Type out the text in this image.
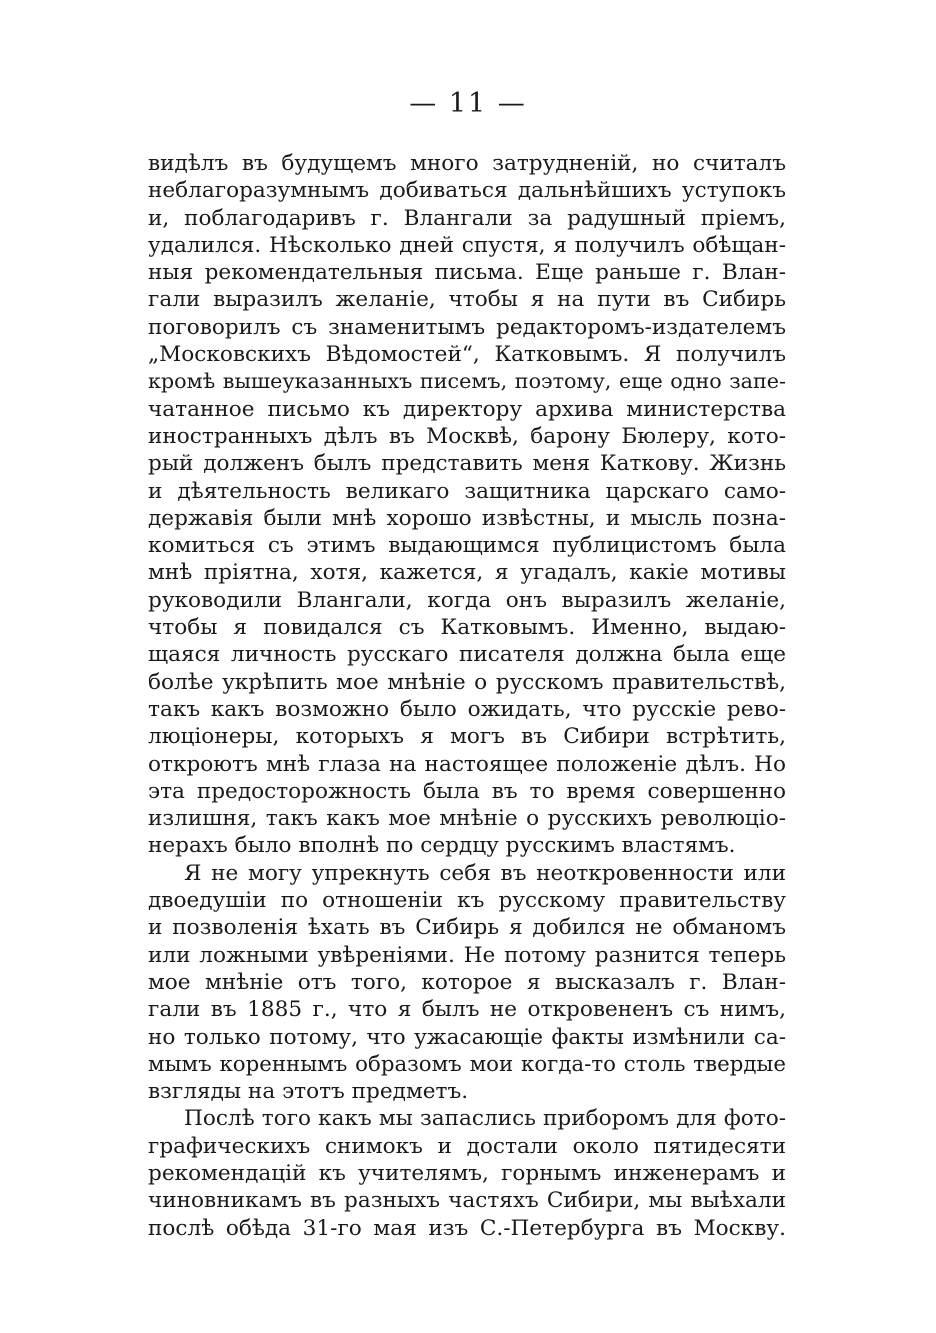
— 11 —
видѣлъ въ будущемъ много затрудненій, но считалъ
неблагоразумнымъ добиваться дальнѣйшихъ уступокъ
и, поблагодаривъ г. Влангали за радушный пріемъ,
удалился. Нѣсколько дней спустя, я получилъ обѣщан-
ныя рекомендательныя письма. Еще раньше г. Влан-
гали выразилъ желаніе, чтобы я на пути въ Сибирь
поговорилъ съ знаменитымъ редакторомъ-издателемъ
„Московскихъ Вѣдомостей“, Катковымъ. Я получилъ
кромѣ вышеуказанныхъ писемъ, поэтому, еще одно запе-
чатанное письмо къ директору архива министерства
иностранныхъ дѣлъ въ Москвѣ, барону Бюлеру, кото-
рый долженъ былъ представить меня Каткову. Жизнь
и дѣятельность великаго защитника царскаго само-
державія были мнѣ хорошо извѣстны, и мысль позна-
комиться съ этимъ выдающимся публицистомъ была
мнѣ пріятна, хотя, кажется, я угадалъ, какіе мотивы
руководили Влангали, когда онъ выразилъ желаніе,
чтобы я повидался съ Катковымъ. Именно, выдаю-
щаяся личность русскаго писателя должна была еще
болѣе укрѣпить мое мнѣніе о русскомъ правительствѣ,
такъ какъ возможно было ожидать, что русскіе рево-
люціонеры, которыхъ я могъ въ Сибири встрѣтить,
откроютъ мнѣ глаза на настоящее положеніе дѣлъ. Но
эта предосторожность была въ то время совершенно
излишня, такъ какъ мое мнѣніе о русскихъ революціо-
нерахъ было вполнѣ по сердцу русскимъ властямъ.
Я не могу упрекнуть себя въ неоткровенности или
двоедушіи по отношеніи къ русскому правительству
и позволенія ѣхать въ Сибирь я добился не обманомъ
или ложными увѣреніями. Не потому разнится теперь
мое мнѣніе отъ того, которое я высказалъ г. Влан-
гали въ 1885 г., что я былъ не откровененъ съ нимъ,
но только потому, что ужасающіе факты измѣнили са-
мымъ кореннымъ образомъ мои когда-то столь твердые
взгляды на этотъ предметъ.
Послѣ того какъ мы запаслись приборомъ для фото-
графическихъ снимокъ и достали около пятидесяти
рекомендацій къ учителямъ, горнымъ инженерамъ и
чиновникамъ въ разныхъ частяхъ Сибири, мы выѣхали
послѣ обѣда 31-го мая изъ С.-Петербурга въ Москву.
